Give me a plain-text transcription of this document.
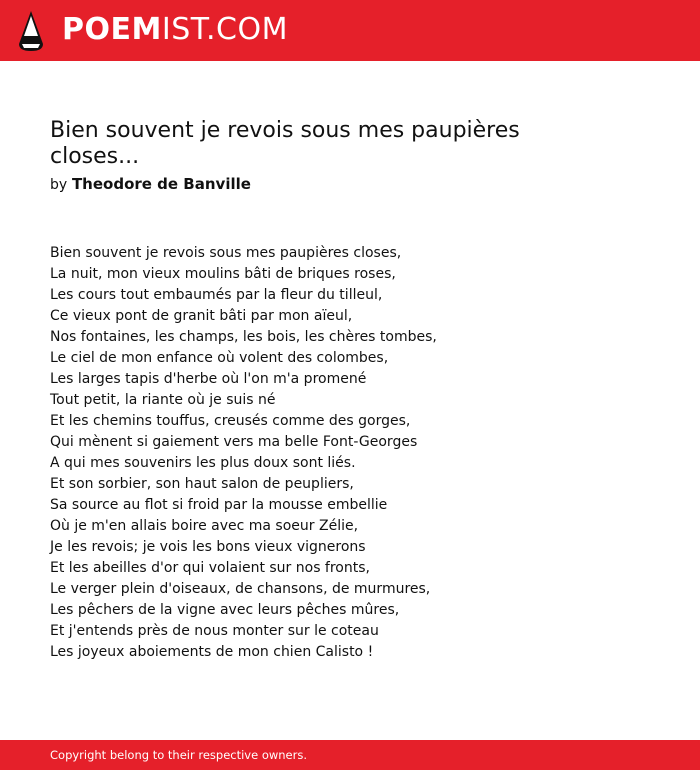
POEMIST.COM
Bien souvent je revois sous mes paupières closes...
by Theodore de Banville
Bien souvent je revois sous mes paupières closes,
La nuit, mon vieux moulins bâti de briques roses,
Les cours tout embaumés par la fleur du tilleul,
Ce vieux pont de granit bâti par mon aïeul,
Nos fontaines, les champs, les bois, les chères tombes,
Le ciel de mon enfance où volent des colombes,
Les larges tapis d'herbe où l'on m'a promené
Tout petit, la riante où je suis né
Et les chemins touffus, creusés comme des gorges,
Qui mènent si gaiement vers ma belle Font-Georges
A qui mes souvenirs les plus doux sont liés.
Et son sorbier, son haut salon de peupliers,
Sa source au flot si froid par la mousse embellie
Où je m'en allais boire avec ma soeur Zélie,
Je les revois; je vois les bons vieux vignerons
Et les abeilles d'or qui volaient sur nos fronts,
Le verger plein d'oiseaux, de chansons, de murmures,
Les pêchers de la vigne avec leurs pêches mûres,
Et j'entends près de nous monter sur le coteau
Les joyeux aboiements de mon chien Calisto !
Copyright belong to their respective owners.
